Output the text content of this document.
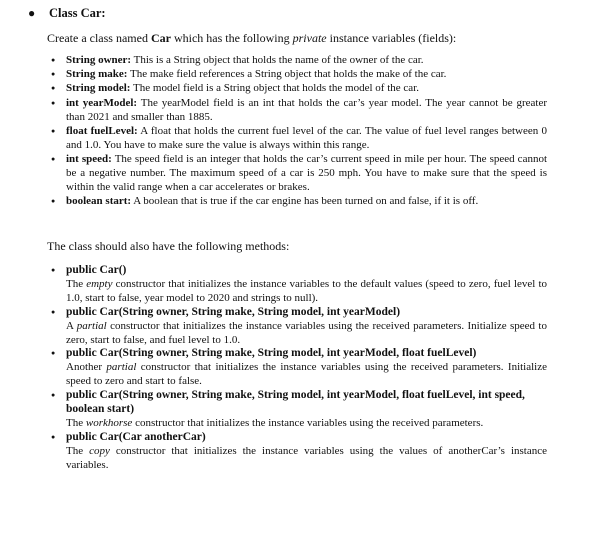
● Class Car:
Create a class named Car which has the following private instance variables (fields):
● String owner: This is a String object that holds the name of the owner of the car.
● String make: The make field references a String object that holds the make of the car.
● String model: The model field is a String object that holds the model of the car.
● int yearModel: The yearModel field is an int that holds the car’s year model. The year cannot be greater than 2021 and smaller than 1885.
● float fuelLevel: A float that holds the current fuel level of the car. The value of fuel level ranges between 0 and 1.0. You have to make sure the value is always within this range.
● int speed: The speed field is an integer that holds the car’s current speed in mile per hour. The speed cannot be a negative number. The maximum speed of a car is 250 mph. You have to make sure that the speed is within the valid range when a car accelerates or brakes.
● boolean start: A boolean that is true if the car engine has been turned on and false, if it is off.
The class should also have the following methods:
● public Car()
The empty constructor that initializes the instance variables to the default values (speed to zero, fuel level to 1.0, start to false, year model to 2020 and strings to null).
● public Car(String owner, String make, String model, int yearModel)
A partial constructor that initializes the instance variables using the received parameters. Initialize speed to zero, start to false, and fuel level to 1.0.
● public Car(String owner, String make, String model, int yearModel, float fuelLevel)
Another partial constructor that initializes the instance variables using the received parameters. Initialize speed to zero and start to false.
● public Car(String owner, String make, String model, int yearModel, float fuelLevel, int speed, boolean start)
The workhorse constructor that initializes the instance variables using the received parameters.
● public Car(Car anotherCar)
The copy constructor that initializes the instance variables using the values of anotherCar’s instance variables.
